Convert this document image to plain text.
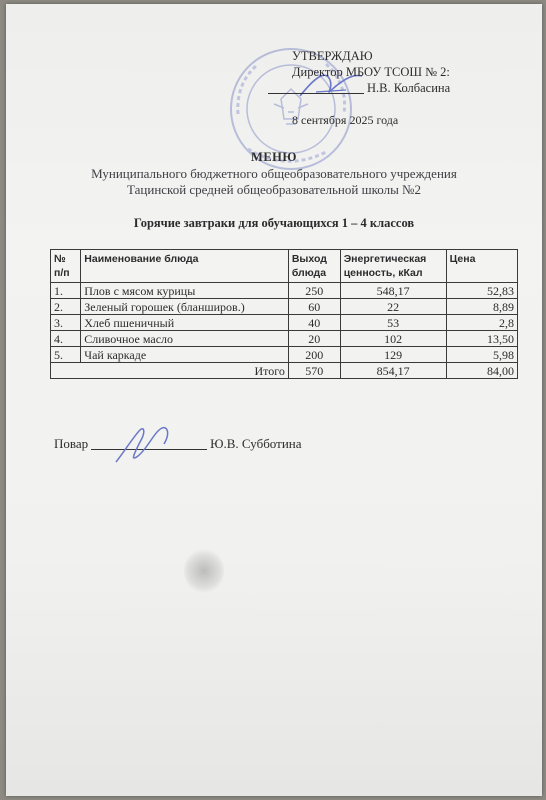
УТВЕРЖДАЮ
Директор МБОУ ТСОШ № 2:
Н.В. Колбасина
8 сентября 2025 года
МЕНЮ
Муниципального бюджетного общеобразовательного учреждения
Тацинской средней общеобразовательной школы №2
Горячие завтраки для обучающихся 1 – 4 классов
№ п/п	Наименование блюда	Выход блюда	Энергетическая ценность, кКал	Цена
1.	Плов с мясом курицы	250	548,17	52,83
2.	Зеленый горошек (бланширов.)	60	22	8,89
3.	Хлеб пшеничный	40	53	2,8
4.	Сливочное масло	20	102	13,50
5.	Чай каркаде	200	129	5,98
Итого		570	854,17	84,00
Повар	Ю.В. Субботина
